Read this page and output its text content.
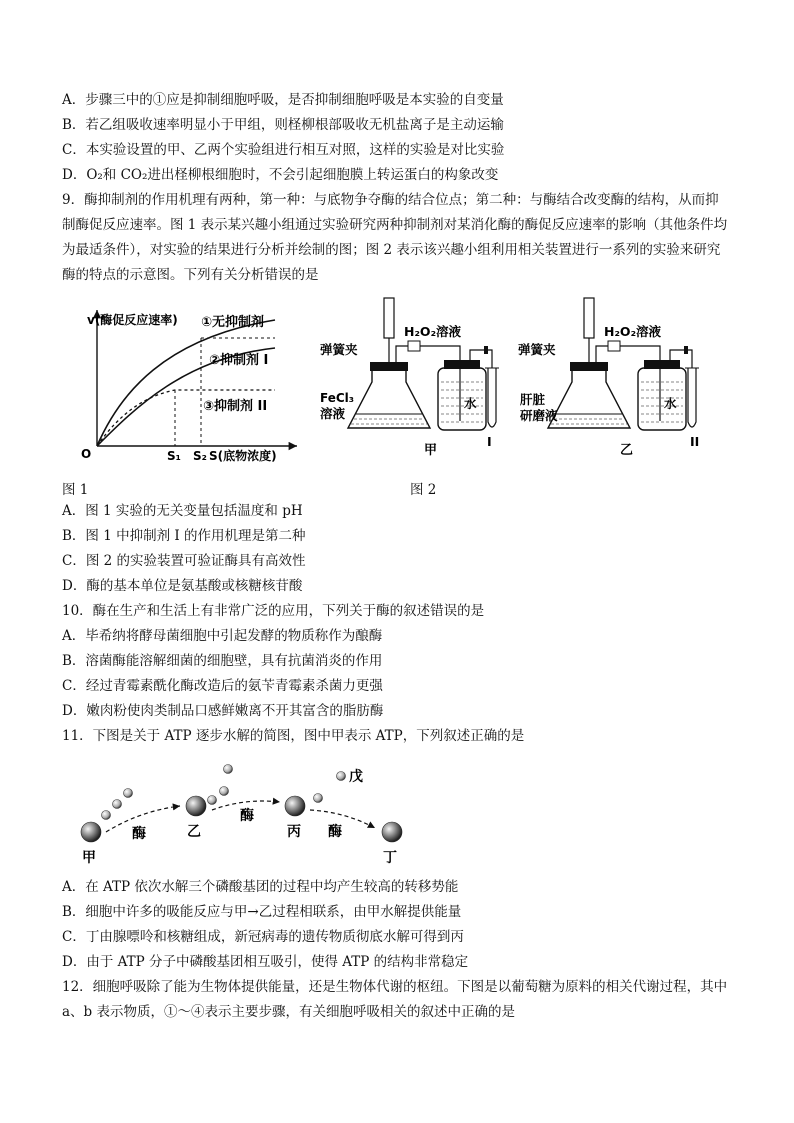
A．步骤三中的①应是抑制细胞呼吸，是否抑制细胞呼吸是本实验的自变量
B．若乙组吸收速率明显小于甲组，则柽柳根部吸收无机盐离子是主动运输
C．本实验设置的甲、乙两个实验组进行相互对照，这样的实验是对比实验
D．O₂和 CO₂进出柽柳根细胞时，不会引起细胞膜上转运蛋白的构象改变
9．酶抑制剂的作用机理有两种，第一种：与底物争夺酶的结合位点；第二种：与酶结合改变酶的结构，从而抑制酶促反应速率。图 1 表示某兴趣小组通过实验研究两种抑制剂对某消化酶的酶促反应速率的影响（其他条件均为最适条件），对实验的结果进行分析并绘制的图；图 2 表示该兴趣小组利用相关装置进行一系列的实验来研究酶的特点的示意图。下列有关分析错误的是
v(酶促反应速率)
O	S₁ S₂ S(底物浓度)
①无抑制剂
②抑制剂 I
③抑制剂 II
图 1
弹簧夹
H₂O₂溶液
FeCl₃
溶液
水
甲
I
弹簧夹
H₂O₂溶液
肝脏
研磨液
水
乙
II
图 2
A．图 1 实验的无关变量包括温度和 pH
B．图 1 中抑制剂 I 的作用机理是第二种
C．图 2 的实验装置可验证酶具有高效性
D．酶的基本单位是氨基酸或核糖核苷酸
10．酶在生产和生活上有非常广泛的应用，下列关于酶的叙述错误的是
A．毕希纳将酵母菌细胞中引起发酵的物质称作为酿酶
B．溶菌酶能溶解细菌的细胞壁，具有抗菌消炎的作用
C．经过青霉素酰化酶改造后的氨苄青霉素杀菌力更强
D．嫩肉粉使肉类制品口感鲜嫩离不开其富含的脂肪酶
11．下图是关于 ATP 逐步水解的简图，图中甲表示 ATP，下列叙述正确的是
甲
乙	丙
丁
戊
酶
酶
酶
A．在 ATP 依次水解三个磷酸基团的过程中均产生较高的转移势能
B．细胞中许多的吸能反应与甲→乙过程相联系，由甲水解提供能量
C．丁由腺嘌呤和核糖组成，新冠病毒的遗传物质彻底水解可得到丙
D．由于 ATP 分子中磷酸基团相互吸引，使得 ATP 的结构非常稳定
12．细胞呼吸除了能为生物体提供能量，还是生物体代谢的枢纽。下图是以葡萄糖为原料的相关代谢过程，其中 a、b 表示物质，①～④表示主要步骤，有关细胞呼吸相关的叙述中正确的是
